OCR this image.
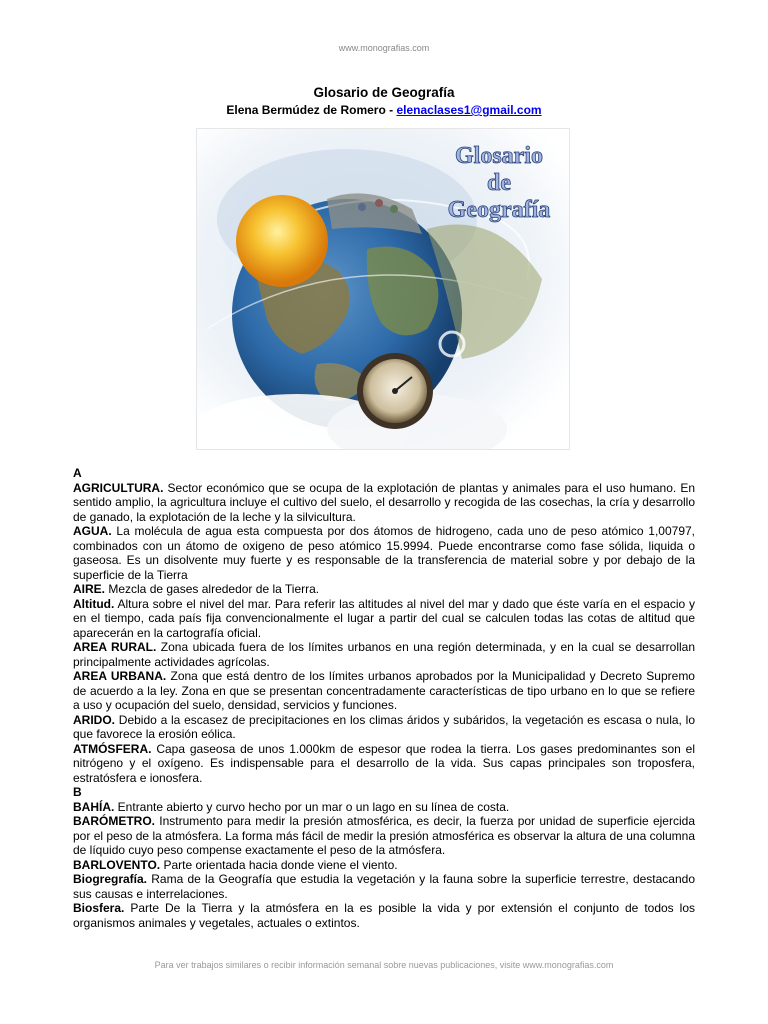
www.monografias.com
Glosario de Geografía
Elena Bermúdez de Romero - elenaclases1@gmail.com
Glosario
de
Geografía
A
AGRICULTURA. Sector económico que se ocupa de la explotación de plantas y animales para el uso humano. En sentido amplio, la agricultura incluye el cultivo del suelo, el desarrollo y recogida de las cosechas, la cría y desarrollo de ganado, la explotación de la leche y la silvicultura.
AGUA. La molécula de agua esta compuesta por dos átomos de hidrogeno, cada uno de peso atómico 1,00797, combinados con un átomo de oxigeno de peso atómico 15.9994. Puede encontrarse como fase sólida, liquida o gaseosa. Es un disolvente muy fuerte y es responsable de la transferencia de material sobre y por debajo de la superficie de la Tierra
AIRE. Mezcla de gases alrededor de la Tierra.
Altitud. Altura sobre el nivel del mar. Para referir las altitudes al nivel del mar y dado que éste varía en el espacio y en el tiempo, cada país fija convencionalmente el lugar a partir del cual se calculen todas las cotas de altitud que aparecerán en la cartografía oficial.
AREA RURAL. Zona ubicada fuera de los límites urbanos en una región determinada, y en la cual se desarrollan principalmente actividades agrícolas.
AREA URBANA. Zona que está dentro de los límites urbanos aprobados por la Municipalidad y Decreto Supremo de acuerdo a la ley. Zona en que se presentan concentradamente características de tipo urbano en lo que se refiere a uso y ocupación del suelo, densidad, servicios y funciones.
ARIDO. Debido a la escasez de precipitaciones en los climas áridos y subáridos, la vegetación es escasa o nula, lo que favorece la erosión eólica.
ATMÓSFERA. Capa gaseosa de unos 1.000km de espesor que rodea la tierra. Los gases predominantes son el nitrógeno y el oxígeno. Es indispensable para el desarrollo de la vida. Sus capas principales son troposfera, estratósfera e ionosfera.
B
BAHÍA. Entrante abierto y curvo hecho por un mar o un lago en su línea de costa.
BARÓMETRO. Instrumento para medir la presión atmosférica, es decir, la fuerza por unidad de superficie ejercida por el peso de la atmósfera. La forma más fácil de medir la presión atmosférica es observar la altura de una columna de líquido cuyo peso compense exactamente el peso de la atmósfera.
BARLOVENTO. Parte orientada hacia donde viene el viento.
Biogregrafía. Rama de la Geografía que estudia la vegetación y la fauna sobre la superficie terrestre, destacando sus causas e interrelaciones.
Biosfera. Parte De la Tierra y la atmósfera en la es posible la vida y por extensión el conjunto de todos los organismos animales y vegetales, actuales o extintos.
Para ver trabajos similares o recibir información semanal sobre nuevas publicaciones, visite www.monografias.com
